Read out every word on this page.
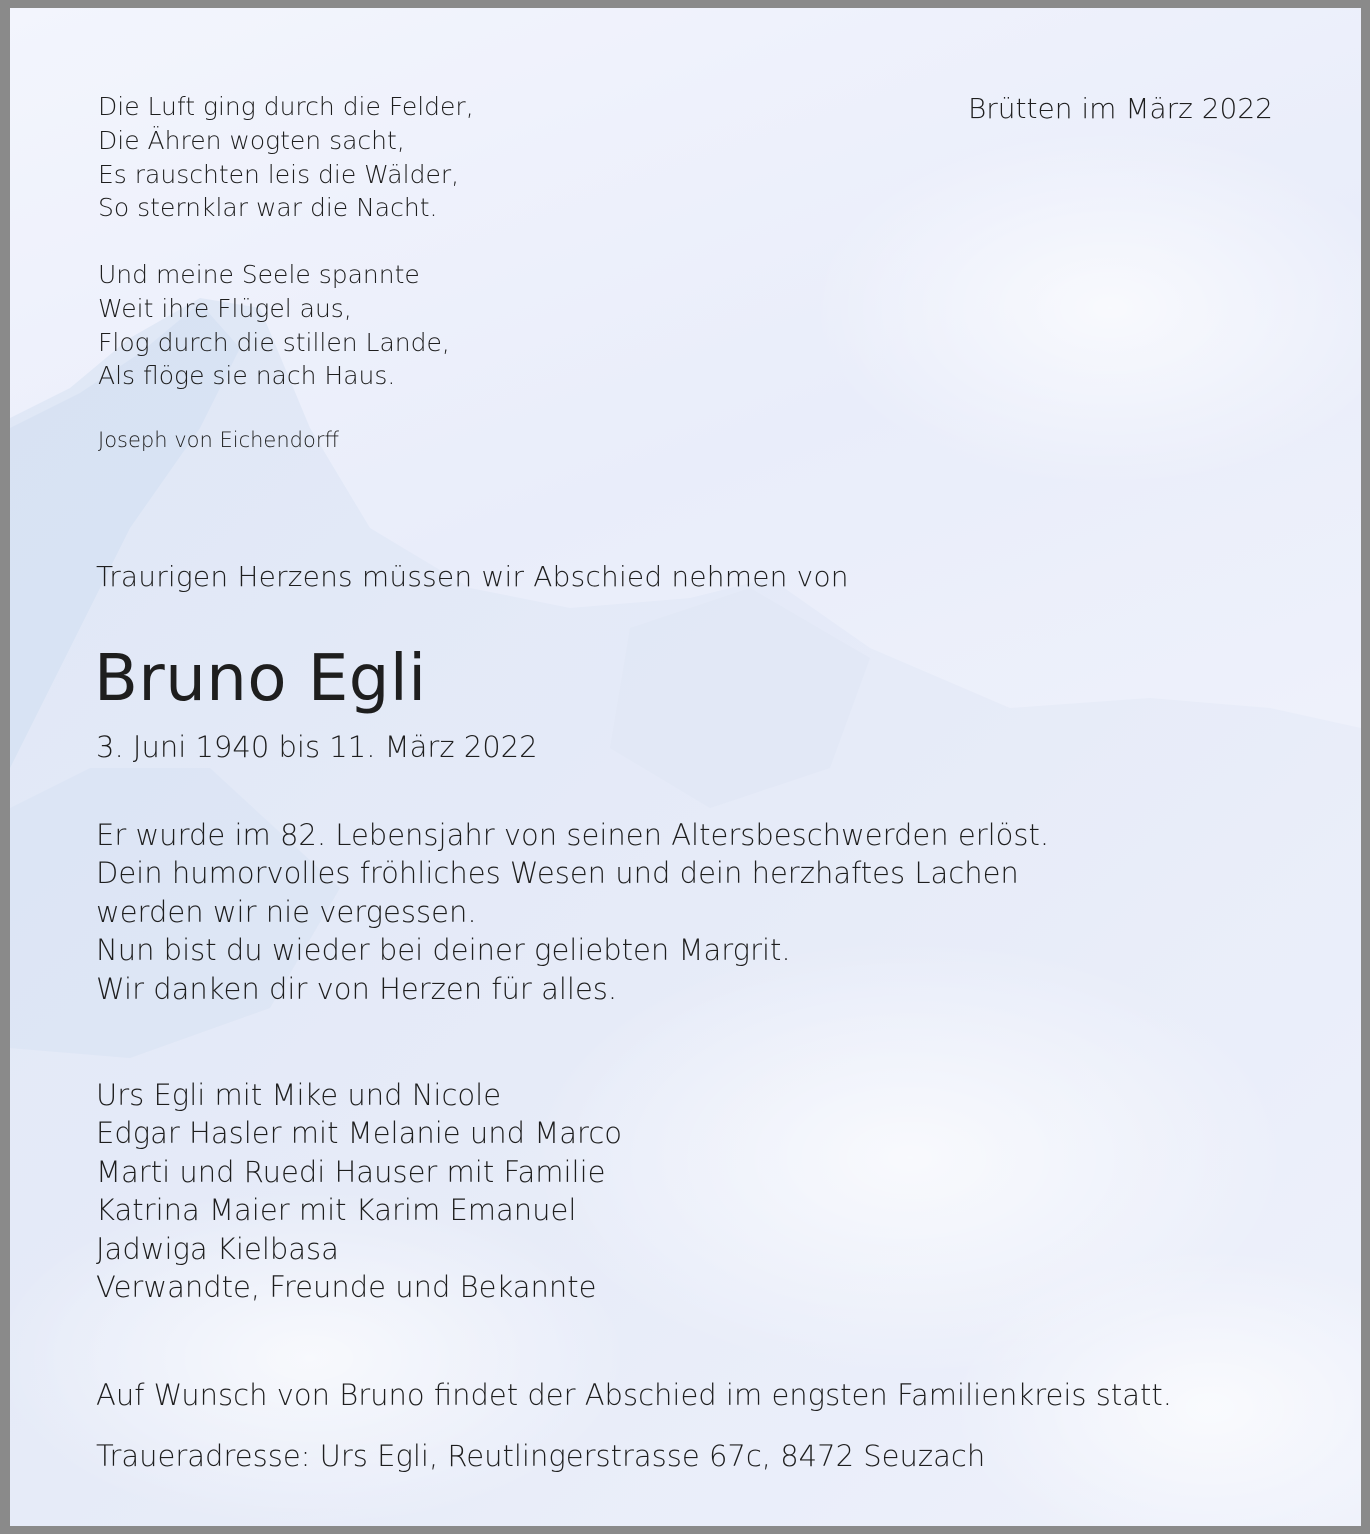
Die Luft ging durch die Felder,
Die Ähren wogten sacht,
Es rauschten leis die Wälder,
So sternklar war die Nacht.
Und meine Seele spannte
Weit ihre Flügel aus,
Flog durch die stillen Lande,
Als flöge sie nach Haus.
Joseph von Eichendorff
Brütten im März 2022
Traurigen Herzens müssen wir Abschied nehmen von
Bruno Egli
3. Juni 1940 bis 11. März 2022
Er wurde im 82. Lebensjahr von seinen Altersbeschwerden erlöst.
Dein humorvolles fröhliches Wesen und dein herzhaftes Lachen
werden wir nie vergessen.
Nun bist du wieder bei deiner geliebten Margrit.
Wir danken dir von Herzen für alles.
Urs Egli mit Mike und Nicole
Edgar Hasler mit Melanie und Marco
Marti und Ruedi Hauser mit Familie
Katrina Maier mit Karim Emanuel
Jadwiga Kielbasa
Verwandte, Freunde und Bekannte
Auf Wunsch von Bruno findet der Abschied im engsten Familienkreis statt.
Traueradresse: Urs Egli, Reutlingerstrasse 67c, 8472 Seuzach
